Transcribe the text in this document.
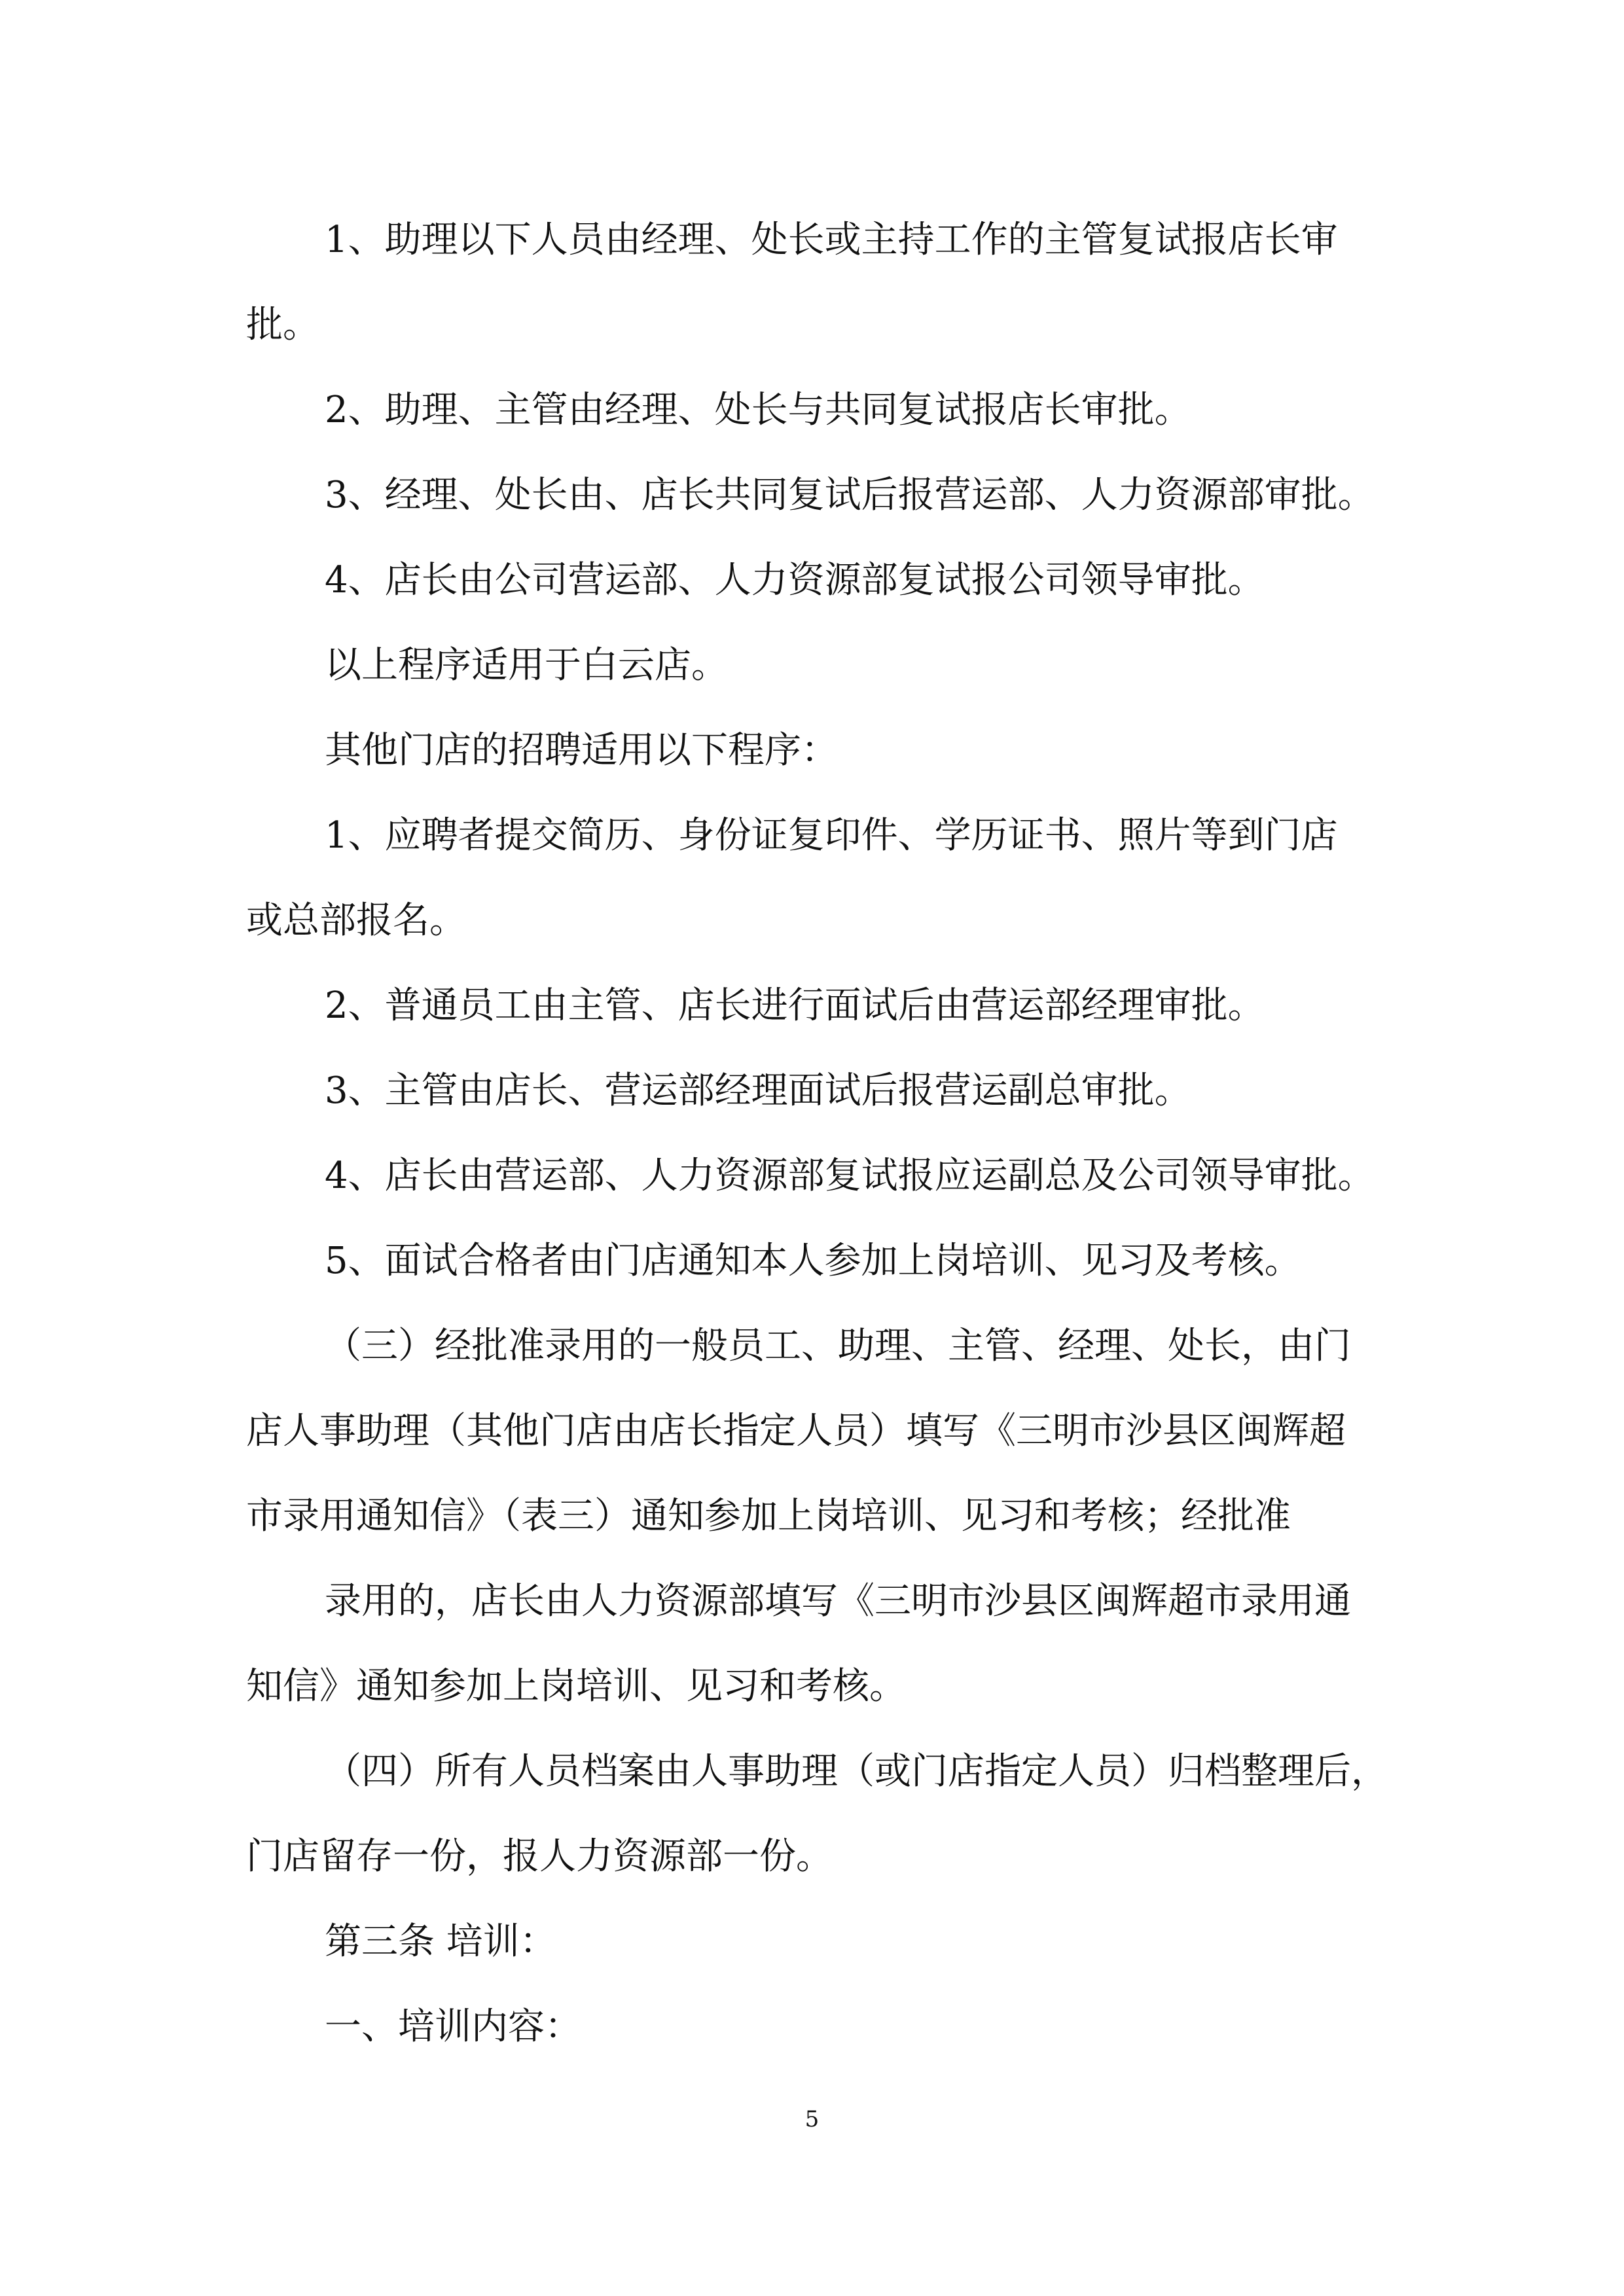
1、助理以下人员由经理、处长或主持工作的主管复试报店长审
批。
2、助理、主管由经理、处长与共同复试报店长审批。
3、经理、处长由、店长共同复试后报营运部、人力资源部审批。
4、店长由公司营运部、人力资源部复试报公司领导审批。
以上程序适用于白云店。
其他门店的招聘适用以下程序：
1、应聘者提交简历、身份证复印件、学历证书、照片等到门店
或总部报名。
2、普通员工由主管、店长进行面试后由营运部经理审批。
3、主管由店长、营运部经理面试后报营运副总审批。
4、店长由营运部、人力资源部复试报应运副总及公司领导审批。
5、面试合格者由门店通知本人参加上岗培训、见习及考核。
（三）经批准录用的一般员工、助理、主管、经理、处长，由门
店人事助理（其他门店由店长指定人员）填写《三明市沙县区闽辉超
市录用通知信》（表三）通知参加上岗培训、见习和考核；经批准
录用的，店长由人力资源部填写《三明市沙县区闽辉超市录用通
知信》通知参加上岗培训、见习和考核。
（四）所有人员档案由人事助理（或门店指定人员）归档整理后，
门店留存一份，报人力资源部一份。
第三条 培训：
一、培训内容：
5
